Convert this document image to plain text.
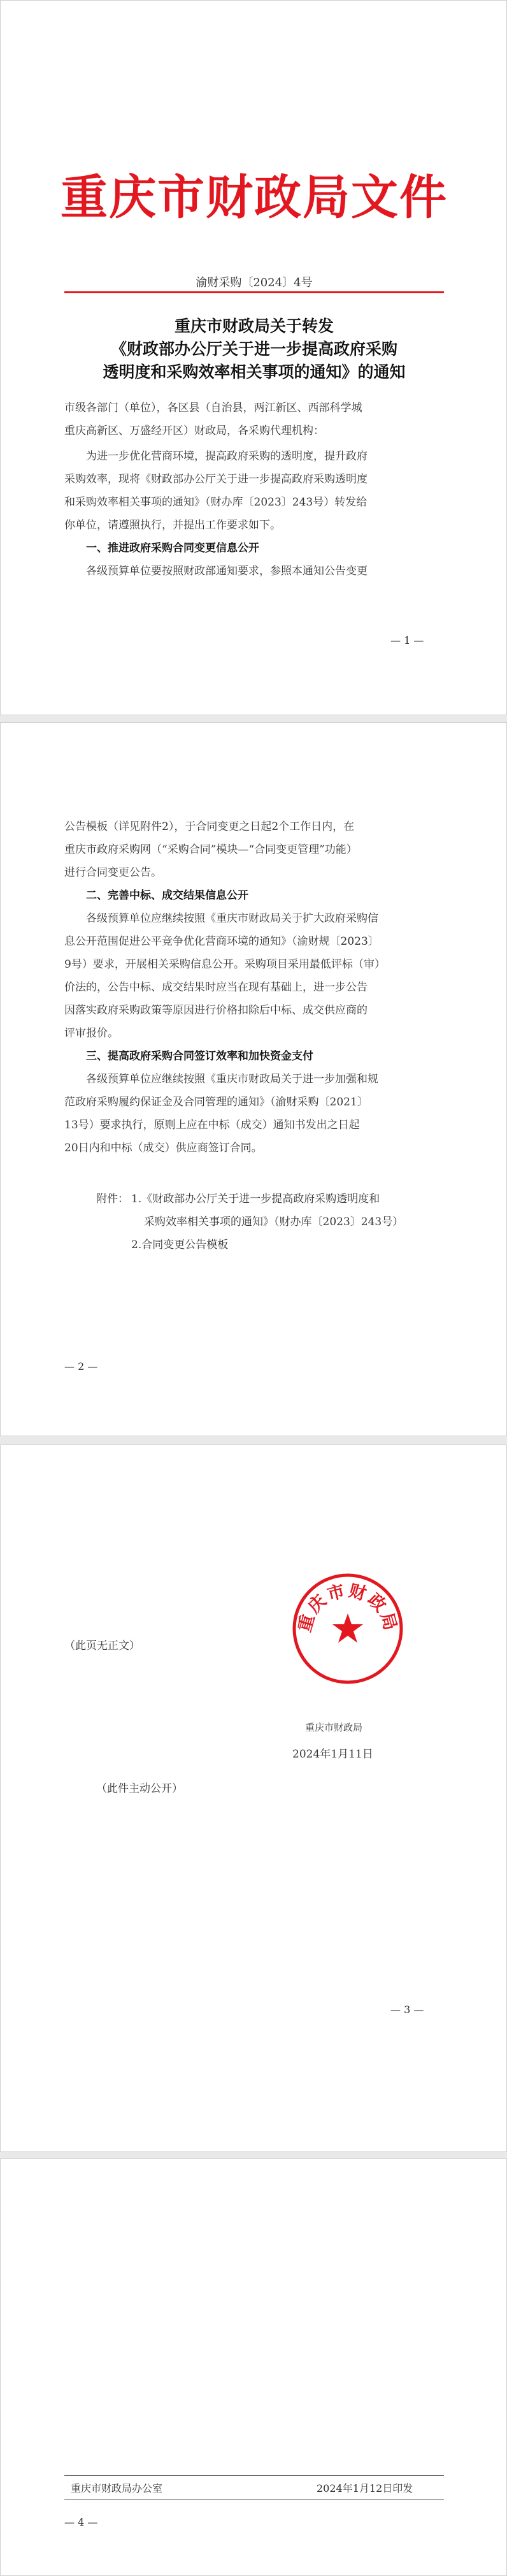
重庆市财政局文件
渝财采购〔2024〕4号
重庆市财政局关于转发
《财政部办公厅关于进一步提高政府采购
透明度和采购效率相关事项的通知》的通知
市级各部门（单位），各区县（自治县，两江新区、西部科学城
重庆高新区、万盛经开区）财政局，各采购代理机构：
为进一步优化营商环境，提高政府采购的透明度，提升政府
采购效率，现将《财政部办公厅关于进一步提高政府采购透明度
和采购效率相关事项的通知》（财办库〔2023〕243号）转发给
你单位，请遵照执行，并提出工作要求如下。
一、推进政府采购合同变更信息公开
各级预算单位要按照财政部通知要求，参照本通知公告变更
— 1 —
公告模板（详见附件2），于合同变更之日起2个工作日内，在
重庆市政府采购网（“采购合同”模块—“合同变更管理”功能）
进行合同变更公告。
二、完善中标、成交结果信息公开
各级预算单位应继续按照《重庆市财政局关于扩大政府采购信
息公开范围促进公平竞争优化营商环境的通知》（渝财规〔2023〕
9号）要求，开展相关采购信息公开。采购项目采用最低评标（审）
价法的，公告中标、成交结果时应当在现有基础上，进一步公告
因落实政府采购政策等原因进行价格扣除后中标、成交供应商的
评审报价。
三、提高政府采购合同签订效率和加快资金支付
各级预算单位应继续按照《重庆市财政局关于进一步加强和规
范政府采购履约保证金及合同管理的通知》（渝财采购〔2021〕
13号）要求执行，原则上应在中标（成交）通知书发出之日起
20日内和中标（成交）供应商签订合同。
附件： 1.《财政部办公厅关于进一步提高政府采购透明度和
采购效率相关事项的通知》（财办库〔2023〕243号）
2.合同变更公告模板
— 2 —
（此页无正文）
重庆市财政局
2024年1月11日
（此件主动公开）
— 3 —
重庆市财政局
重庆市财政局办公室	2024年1月12日印发
— 4 —
